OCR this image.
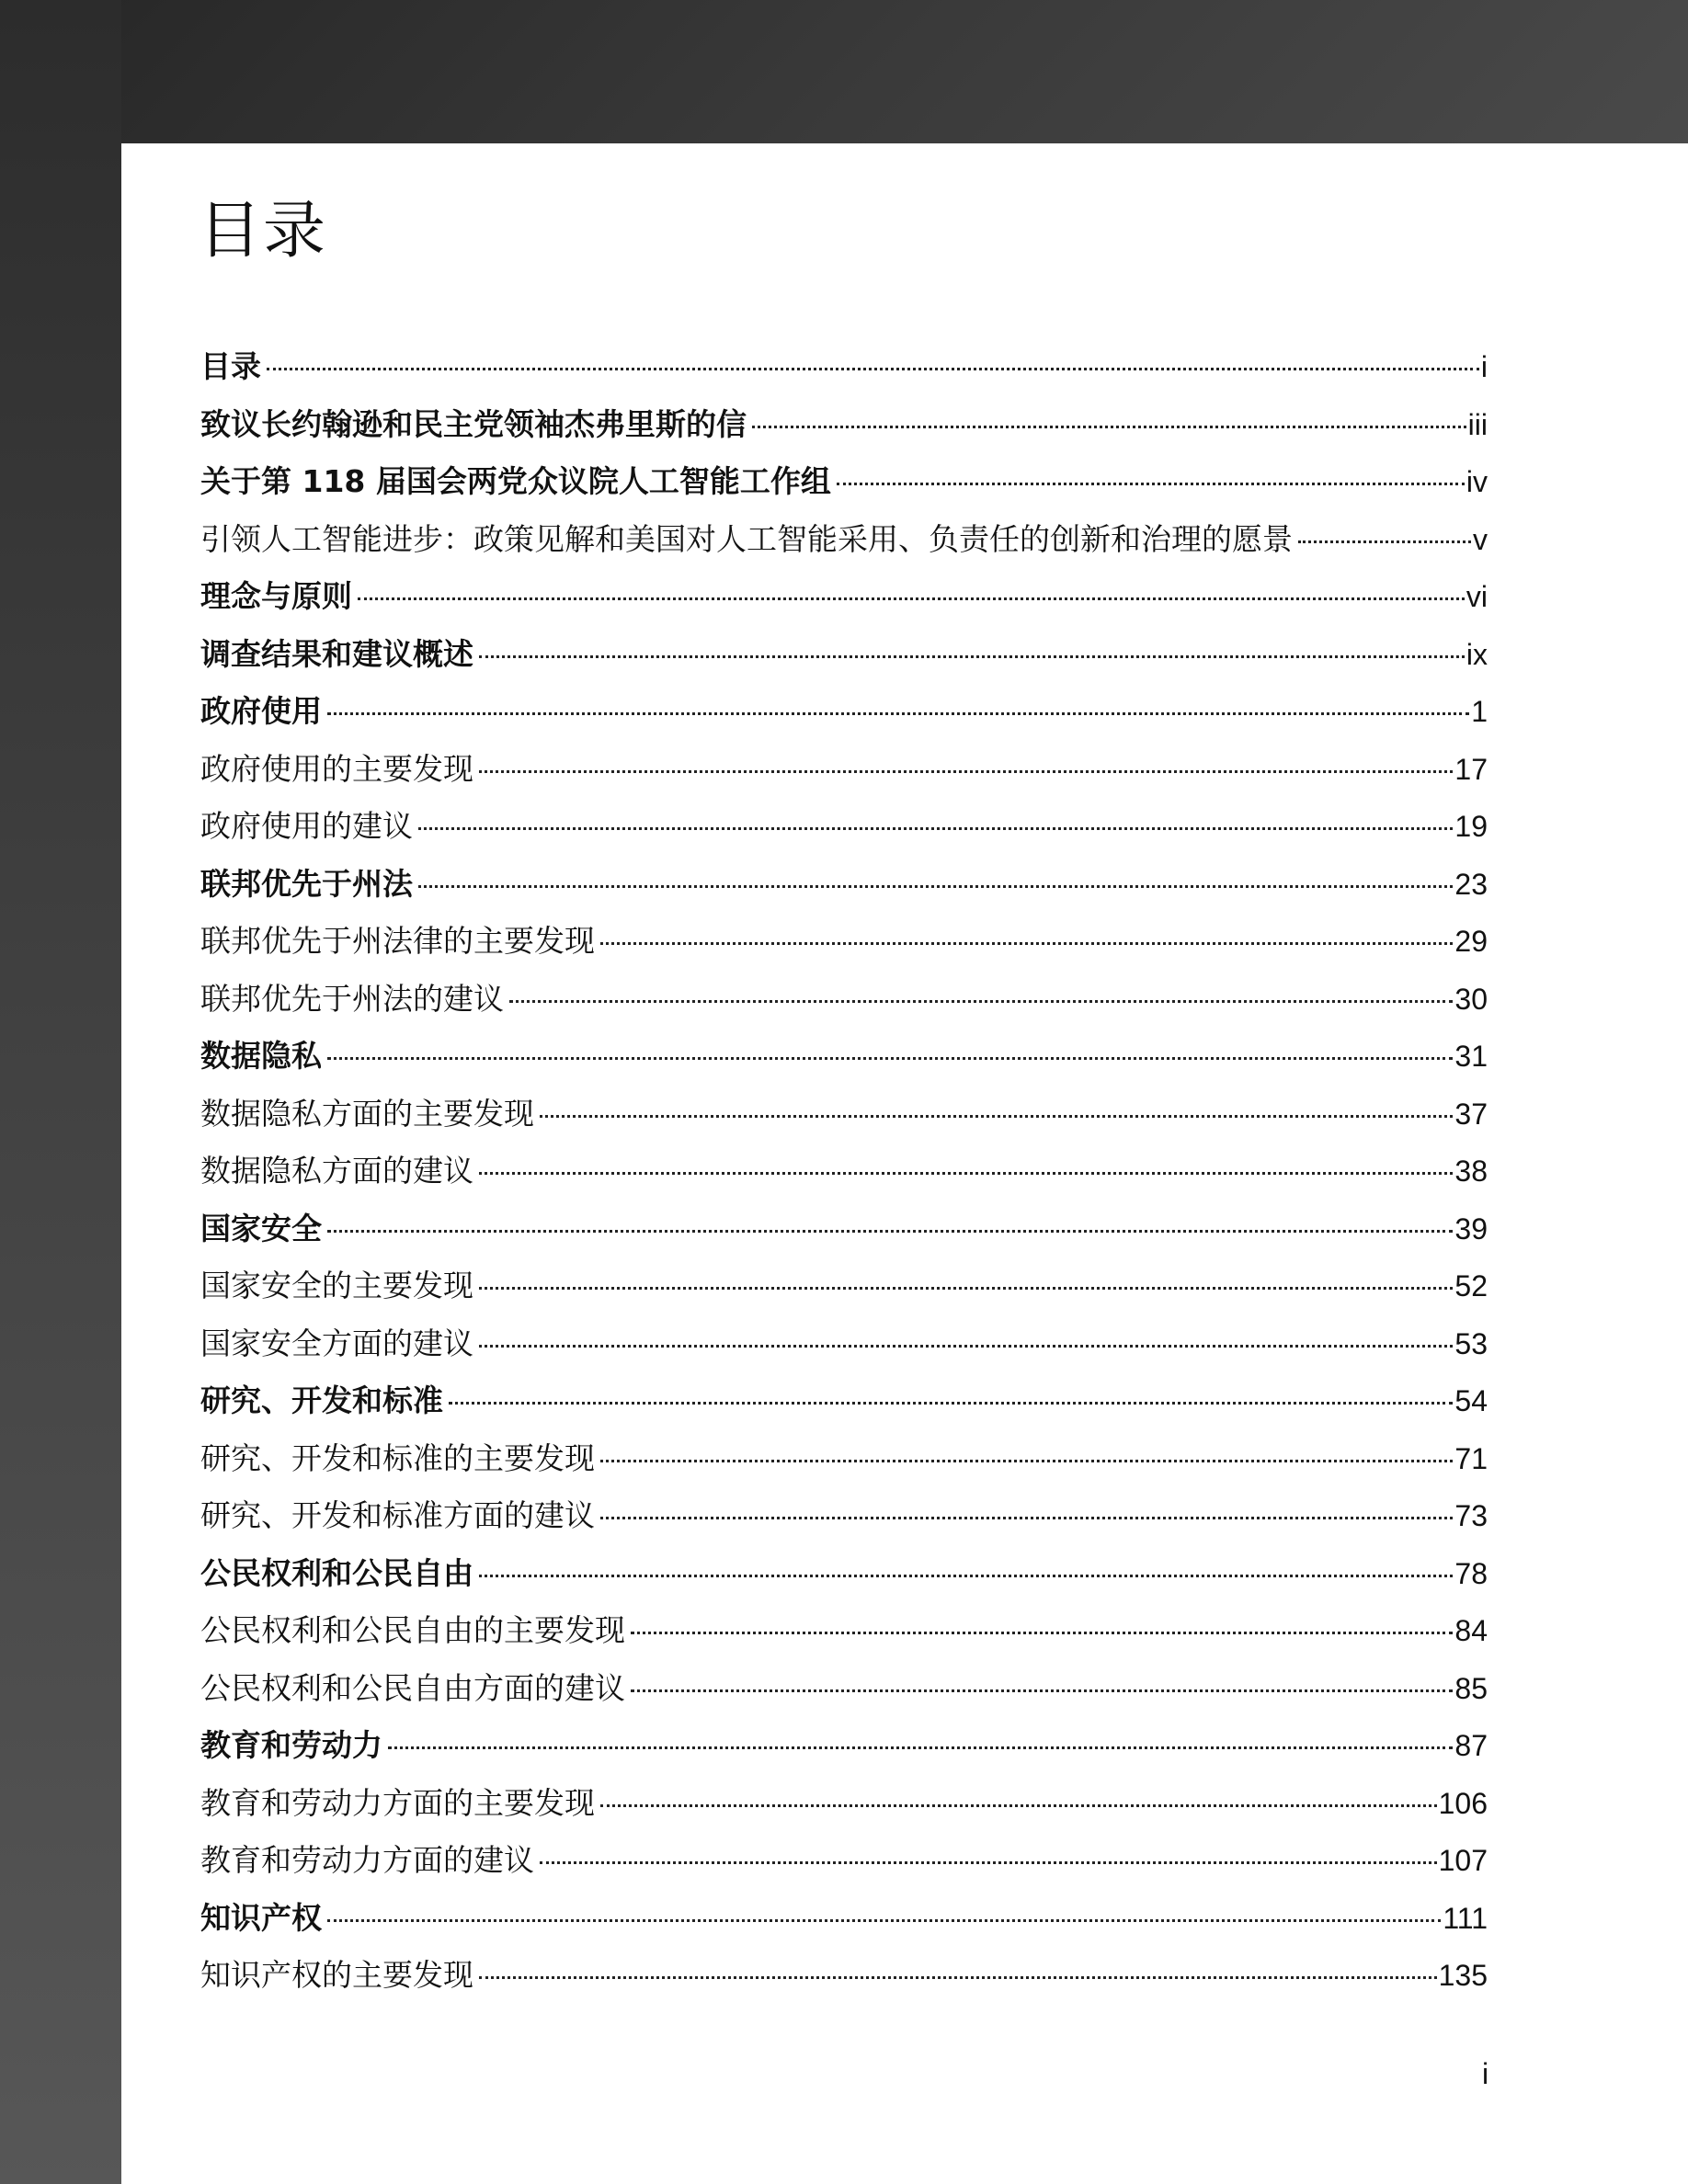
目录
目录	i
致议长约翰逊和民主党领袖杰弗里斯的信	iii
关于第 118 届国会两党众议院人工智能工作组	iv
引领人工智能进步：政策见解和美国对人工智能采用、负责任的创新和治理的愿景	v
理念与原则	vi
调查结果和建议概述	ix
政府使用	1
政府使用的主要发现	17
政府使用的建议	19
联邦优先于州法	23
联邦优先于州法律的主要发现	29
联邦优先于州法的建议	30
数据隐私	31
数据隐私方面的主要发现	37
数据隐私方面的建议	38
国家安全	39
国家安全的主要发现	52
国家安全方面的建议	53
研究、开发和标准	54
研究、开发和标准的主要发现	71
研究、开发和标准方面的建议	73
公民权利和公民自由	78
公民权利和公民自由的主要发现	84
公民权利和公民自由方面的建议	85
教育和劳动力	87
教育和劳动力方面的主要发现	106
教育和劳动力方面的建议	107
知识产权	111
知识产权的主要发现	135
i
